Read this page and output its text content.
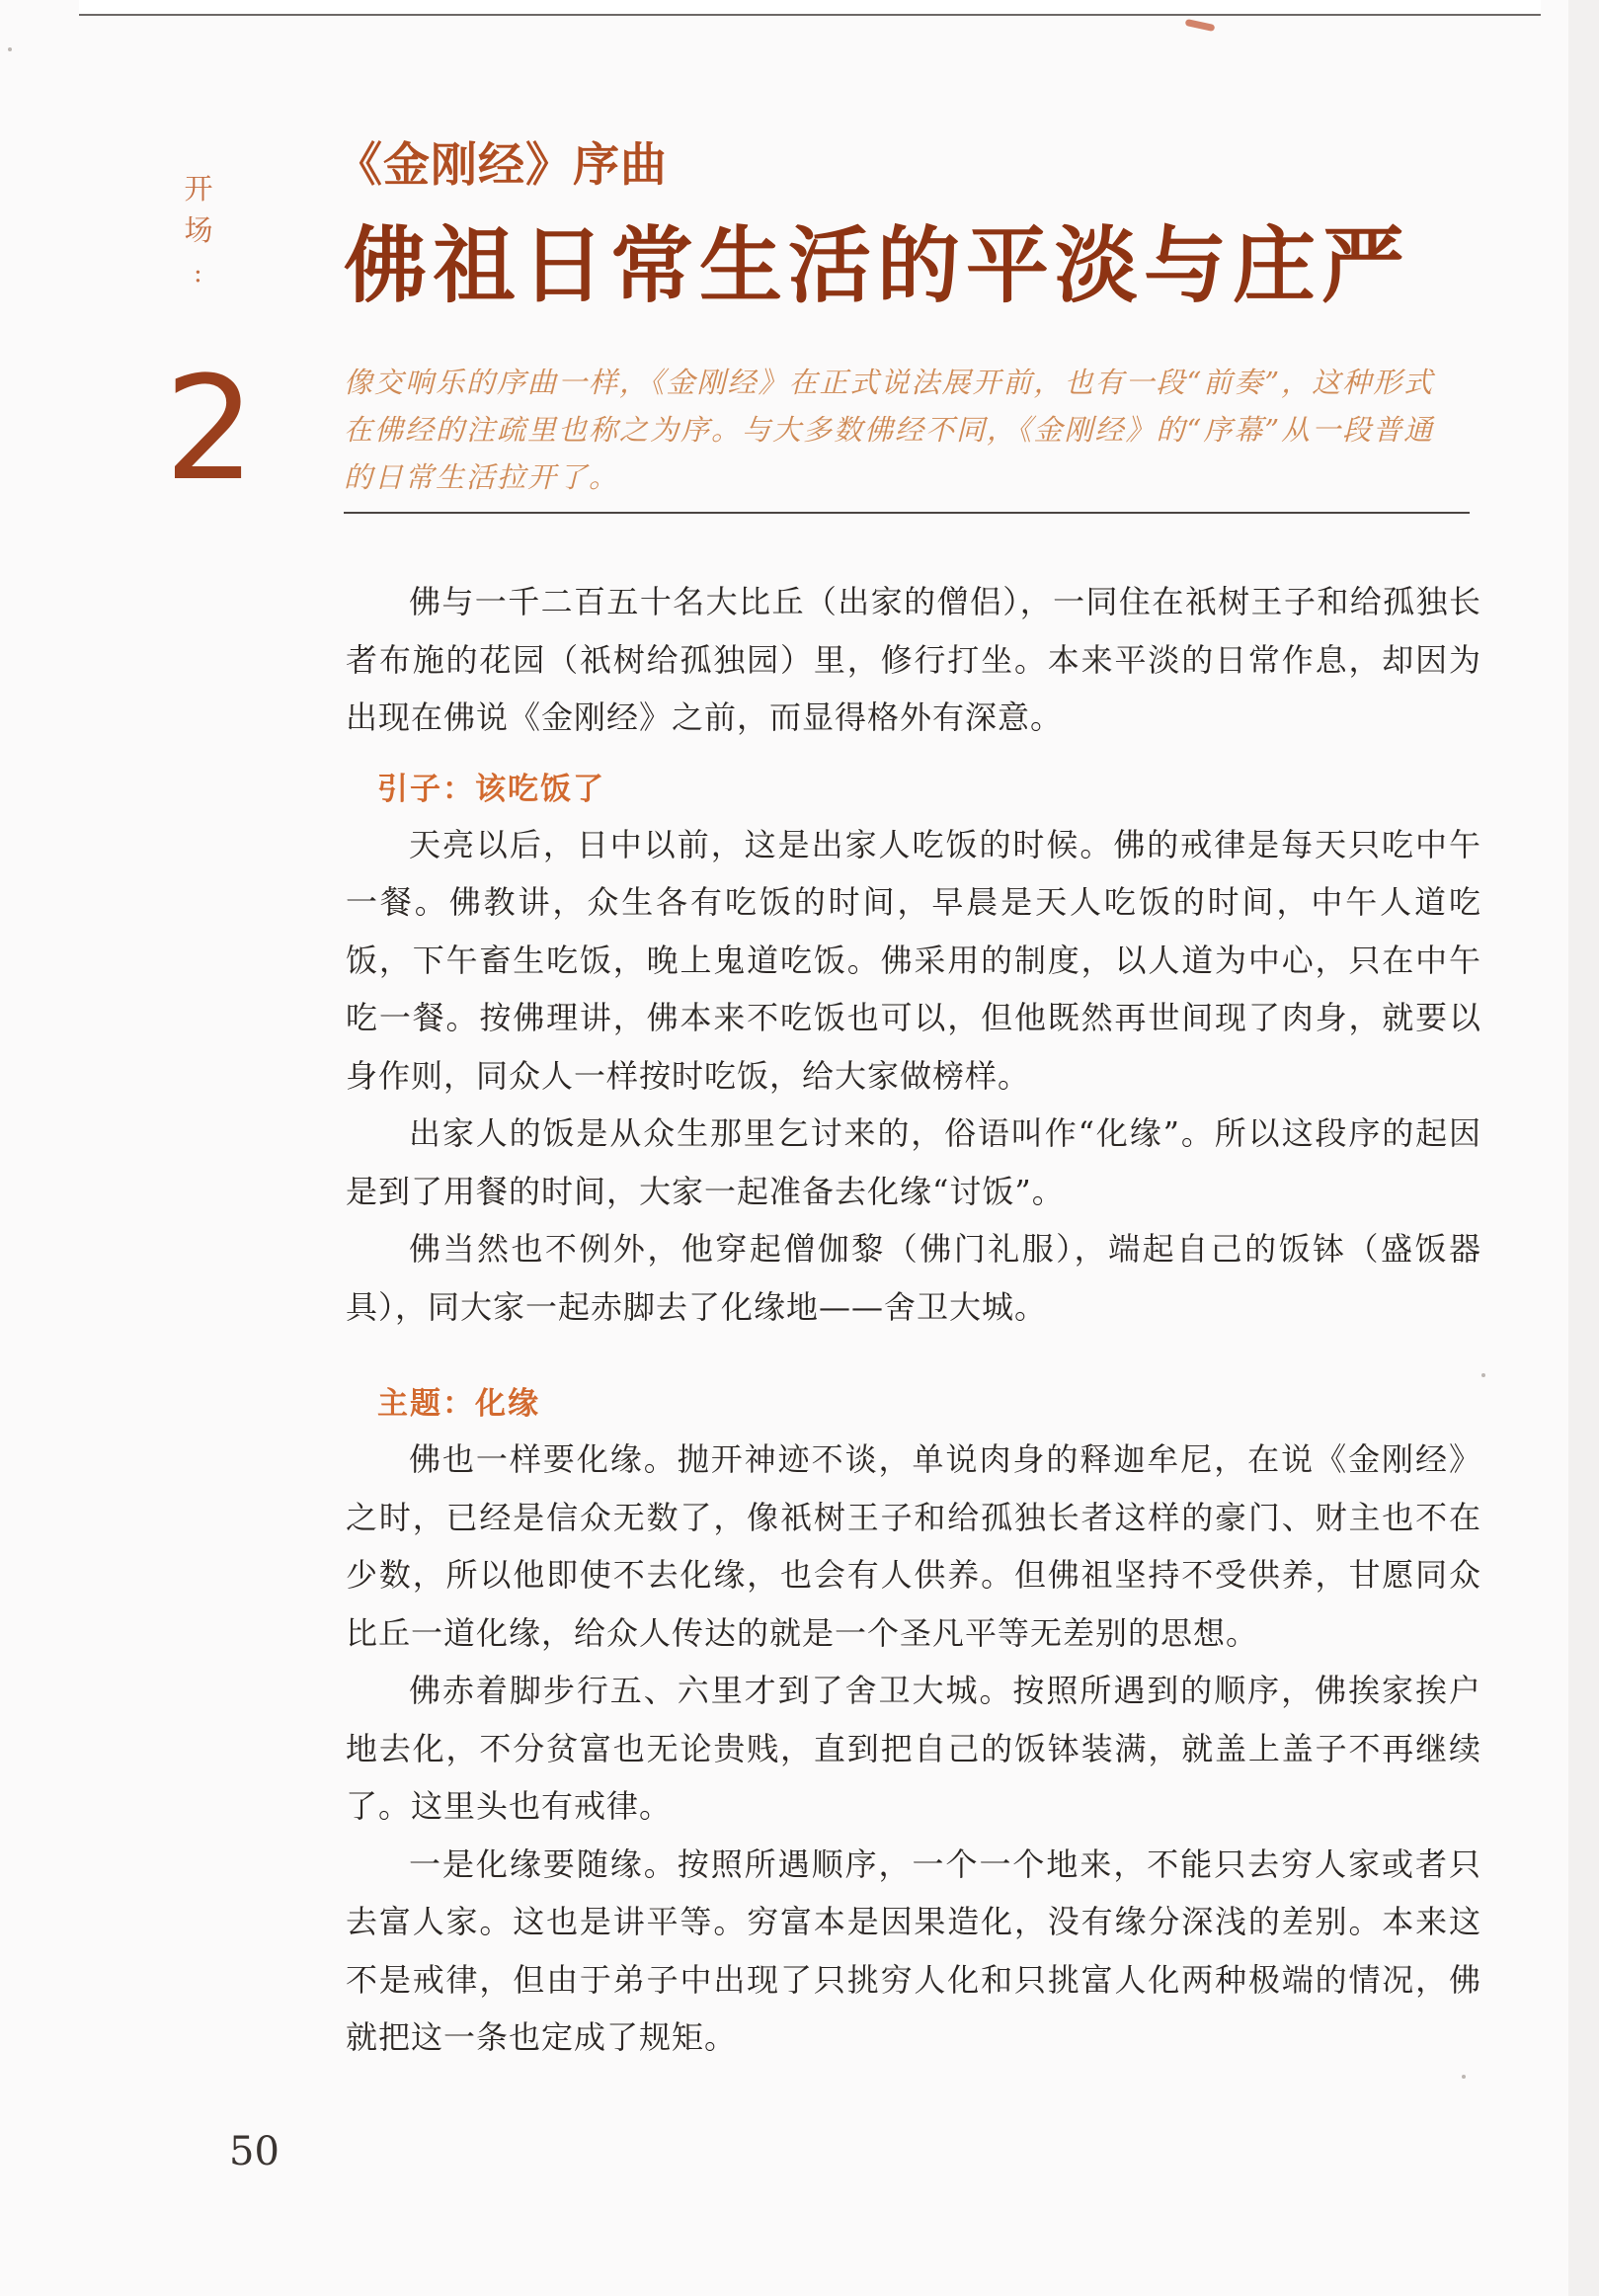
开
场
:
2
《金刚经》序曲
佛祖日常生活的平淡与庄严
像交响乐的序曲一样，《金刚经》在正式说法展开前，也有一段“前奏”，这种形式在佛经的注疏里也称之为序。与大多数佛经不同，《金刚经》的“序幕”从一段普通的日常生活拉开了。

佛与一千二百五十名大比丘（出家的僧侣），一同住在祇树王子和给孤独长者布施的花园（祇树给孤独园）里，修行打坐。本来平淡的日常作息，却因为出现在佛说《金刚经》之前，而显得格外有深意。

引子：该吃饭了

天亮以后，日中以前，这是出家人吃饭的时候。佛的戒律是每天只吃中午一餐。佛教讲，众生各有吃饭的时间，早晨是天人吃饭的时间，中午人道吃饭，下午畜生吃饭，晚上鬼道吃饭。佛采用的制度，以人道为中心，只在中午吃一餐。按佛理讲，佛本来不吃饭也可以，但他既然再世间现了肉身，就要以身作则，同众人一样按时吃饭，给大家做榜样。

出家人的饭是从众生那里乞讨来的，俗语叫作“化缘”。所以这段序的起因是到了用餐的时间，大家一起准备去化缘“讨饭”。

佛当然也不例外，他穿起僧伽黎（佛门礼服），端起自己的饭钵（盛饭器具），同大家一起赤脚去了化缘地——舍卫大城。

主题：化缘

佛也一样要化缘。抛开神迹不谈，单说肉身的释迦牟尼，在说《金刚经》之时，已经是信众无数了，像祇树王子和给孤独长者这样的豪门、财主也不在少数，所以他即使不去化缘，也会有人供养。但佛祖坚持不受供养，甘愿同众比丘一道化缘，给众人传达的就是一个圣凡平等无差别的思想。

佛赤着脚步行五、六里才到了舍卫大城。按照所遇到的顺序，佛挨家挨户地去化，不分贫富也无论贵贱，直到把自己的饭钵装满，就盖上盖子不再继续了。这里头也有戒律。

一是化缘要随缘。按照所遇顺序，一个一个地来，不能只去穷人家或者只去富人家。这也是讲平等。穷富本是因果造化，没有缘分深浅的差别。本来这不是戒律，但由于弟子中出现了只挑穷人化和只挑富人化两种极端的情况，佛就把这一条也定成了规矩。

50
